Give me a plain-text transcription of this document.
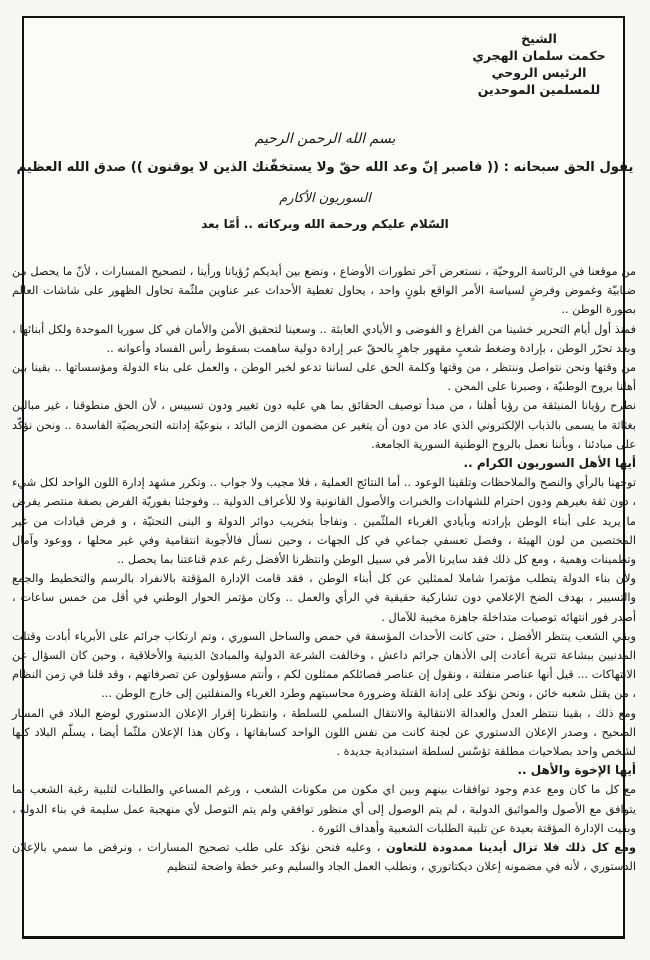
الشيخ
حكمت سلمان الهجري
الرئيس الروحي
للمسلمين الموحدين
بسم الله الرحمن الرحيم
يقول الحق سبحانه : (( فاصبر إنّ وعد الله حقّ ولا يستخفّنك الذين لا يوقنون )) صدق الله العظيم
السوريون الأكارم
السّلام عليكم ورحمة الله وبركاته .. أمّا بعد

من موقعنا في الرئاسة الروحيّة ، نستعرض آخر تطورات الأوضاع ، ونضع بين أيديكم رُؤيانا ورأينا ، لتصحيح المسارات ، لأنّ ما يحصل من ضبابيّة وغموض وفرضٍ لسياسة الأمر الواقع بلونٍ واحد ، يحاول تغطية الأحداث عبر عناوين ملثّمة تحاول الظهور على شاشات العالم بصورة الوطن ..

فمنذ أول أيام التحرير خشينا من الفراغ و الفوضى و الأيادي العابثة .. وسعينا لتحقيق الأمن والأمان في كل سوريا الموحدة ولكل أبنائها ، وبعد تحرّر الوطن ، بإرادة وضغط شعبٍ مقهور جاهرٍ بالحقّ عبر إرادة دولية ساهمت بسقوط رأس الفساد وأعوانه ..

من وقتها ونحن نتواصل وننتظر ، من وقتها وكلمة الحق على لساننا تدعو لخير الوطن ، والعمل على بناء الدولة ومؤسساتها .. بقينا بين أهلنا بروح الوطنيّة ، وصبرنا على المحن .

نطرح رؤيانا المنبثقة من رؤيا أهلنا ، من مبدأ توصيف الحقائق بما هي عليه دون تغيير ودون تسييس ، لأن الحق منطوقنا ، غير مبالين بغثاثة ما يسمى بالذباب الإلكتروني الذي عاد من دون أن يتغير عن مضمون الزمن البائد ، بنوعيّة إدانته التحريضيّة الفاسدة .. ونحن نؤكّد على مبادئنا ، وبأننا نعمل بالروح الوطنية السورية الجامعة.

أيها الأهل السوريون الكرام ..

توجهنا بالرأي والنصح والملاحظات وتلقينا الوعود .. أما النتائج العملية ، فلا مجيب ولا جواب .. وتكرر مشهد إدارة اللون الواحد لكل شيء ، دون ثقة بغيرهم ودون احترام للشهادات والخبرات والأصول القانونية ولا للأعراف الدولية .. وفوجئنا بفوريّة الفرض بصفة منتصر يفرض ما يريد على أبناء الوطن بإرادته وبأيادي الغرباء الملثّمين . ونفاجأ بتخريب دوائر الدولة و البنى التحتيّة ، و فرض قيادات من غير المختصين من لون الهيئة ، وفصل تعسفي جماعي في كل الجهات ، وحين نسأل فالأجوبة انتقامية وفي غير محلها ، ووعود وآمال وتطمينات وهمية ، ومع كل ذلك فقد سايرنا الأمر في سبيل الوطن وانتظرنا الأفضل رغم عدم قناعتنا بما يحصل ..

ولأن بناء الدولة يتطلب مؤتمرا شاملا لممثلين عن كل أبناء الوطن ، فقد قامت الإدارة المؤقتة بالانفراد بالرسم والتخطيط والجمع والتسيير ، بهدف الضخ الإعلامي دون تشاركية حقيقية في الرأي والعمل .. وكان مؤتمر الحوار الوطني في أقل من خمس ساعات ، أصدر فور انتهائه توصيات متداخلة جاهزة مخيبة للآمال .

وبقي الشعب ينتظر الأفضل ، حتى كانت الأحداث المؤسفة في حمص والساحل السوري ، وتم ارتكاب جرائم على الأبرياء أبادت وقتلت المدنيين ببشاعة تترية أعادت إلى الأذهان جرائم داعش ، وخالفت الشرعة الدولية والمبادئ الدينية والأخلاقية ، وحين كان السؤال عن الانتهاكات ... قيل أنها عناصر منفلتة ، ونقول إن عناصر فصائلكم ممثلون لكم ، وأنتم مسؤولون عن تصرفاتهم ، وقد قلنا في زمن النظام ، من يقتل شعبه خائن ، ونحن نؤكد على إدانة القتلة وضرورة محاسبتهم وطرد الغرباء والمنفلتين إلى خارج الوطن ...

ومع ذلك ، بقينا ننتظر العدل والعدالة الانتقالية والانتقال السلمي للسلطة ، وانتظرنا إقرار الإعلان الدستوري لوضع البلاد في المسار الصحيح ، وصدر الإعلان الدستوري عن لجنة كانت من نفس اللون الواحد كسابقاتها ، وكان هذا الإعلان ملثّما أيضا ، يسلّم البلاد كلها لشخص واحد بصلاحيات مطلقة تؤسّس لسلطة استبدادية جديدة .

أيها الإخوة والأهل ..

مع كل ما كان ومع عدم وجود توافقات بينهم وبين اي مكون من مكونات الشعب ، ورغم المساعي والطلبات لتلبية رغبة الشعب بما يتوافق مع الأصول والمواثيق الدولية ، لم يتم الوصول إلى أي منظور توافقي ولم يتم التوصل لأي منهجية عمل سليمة في بناء الدولة ، وبقيت الإدارة المؤقتة بعيدة عن تلبية الطلبات الشعبية وأهداف الثورة .

ومع كل ذلك فلا تزال أيدينا ممدودة للتعاون ، وعليه فنحن نؤكد على طلب تصحيح المسارات ، ونرفض ما سمي بالإعلان الدستوري ، لأنه في مضمونه إعلان ديكتاتوري ، ونطلب العمل الجاد والسليم وعبر خطة واضحة لتنظيم
